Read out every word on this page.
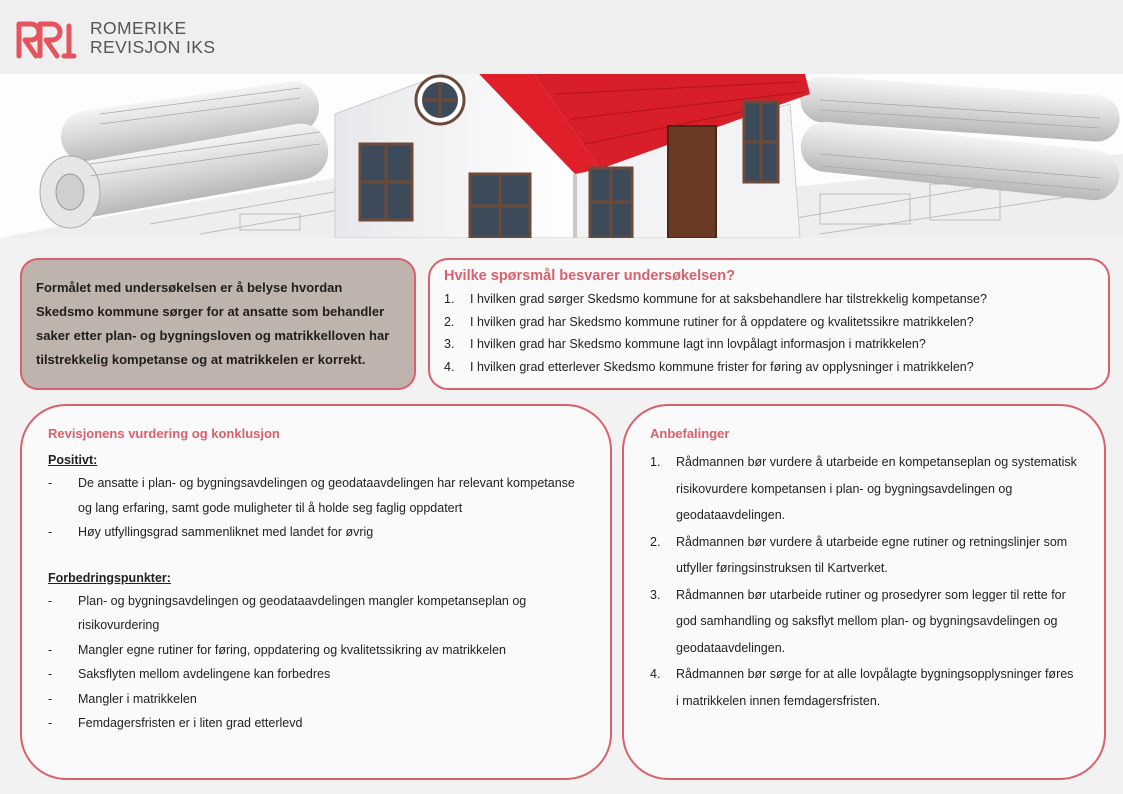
ROMERIKE
REVISJON IKS

Formålet med undersøkelsen er å belyse hvordan Skedsmo kommune sørger for at ansatte som behandler saker etter plan- og bygningsloven og matrikkelloven har tilstrekkelig kompetanse og at matrikkelen er korrekt.

Hvilke spørsmål besvarer undersøkelsen?
1.	I hvilken grad sørger Skedsmo kommune for at saksbehandlere har tilstrekkelig kompetanse?
2.	I hvilken grad har Skedsmo kommune rutiner for å oppdatere og kvalitetssikre matrikkelen?
3.	I hvilken grad har Skedsmo kommune lagt inn lovpålagt informasjon i matrikkelen?
4.	I hvilken grad etterlever Skedsmo kommune frister for føring av opplysninger i matrikkelen?
Revisjonens vurdering og konklusjon
Positivt:
-	De ansatte i plan- og bygningsavdelingen og geodataavdelingen har relevant kompetanse og lang erfaring, samt gode muligheter til å holde seg faglig oppdatert
-	Høy utfyllingsgrad sammenliknet med landet for øvrig
Forbedringspunkter:
-	Plan- og bygningsavdelingen og geodataavdelingen mangler kompetanseplan og risikovurdering
-	Mangler egne rutiner for føring, oppdatering og kvalitetssikring av matrikkelen
-	Saksflyten mellom avdelingene kan forbedres
-	Mangler i matrikkelen
-	Femdagersfristen er i liten grad etterlevd
Anbefalinger
1.	Rådmannen bør vurdere å utarbeide en kompetanseplan og systematisk risikovurdere kompetansen i plan- og bygningsavdelingen og geodataavdelingen.
2.	Rådmannen bør vurdere å utarbeide egne rutiner og retningslinjer som utfyller føringsinstruksen til Kartverket.
3.	Rådmannen bør utarbeide rutiner og prosedyrer som legger til rette for god samhandling og saksflyt mellom plan- og bygningsavdelingen og geodataavdelingen.
4.	Rådmannen bør sørge for at alle lovpålagte bygningsopplysninger føres i matrikkelen innen femdagersfristen.
